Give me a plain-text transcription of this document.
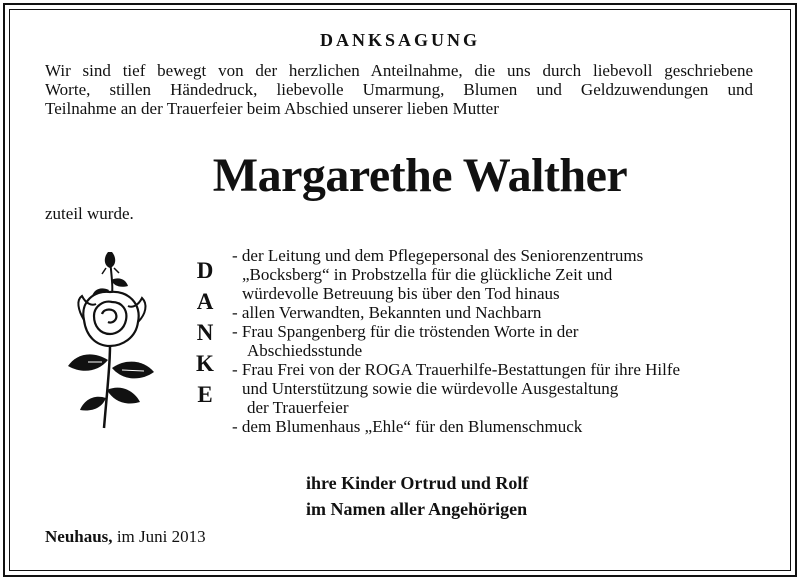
DANKSAGUNG
Wir sind tief bewegt von der herzlichen Anteilnahme, die uns durch liebevoll geschriebene
Worte, stillen Händedruck, liebevolle Umarmung, Blumen und Geldzuwendungen und
Teilnahme an der Trauerfeier beim Abschied unserer lieben Mutter
Margarethe Walther
zuteil wurde.
D
A
N
K
E
- der Leitung und dem Pflegepersonal des Seniorenzentrums
„Bocksberg“ in Probstzella für die glückliche Zeit und
würdevolle Betreuung bis über den Tod hinaus
- allen Verwandten, Bekannten und Nachbarn
- Frau Spangenberg für die tröstenden Worte in der
Abschiedsstunde
- Frau Frei von der ROGA Trauerhilfe-Bestattungen für ihre Hilfe
und Unterstützung sowie die würdevolle Ausgestaltung
der Trauerfeier
- dem Blumenhaus „Ehle“ für den Blumenschmuck
ihre Kinder Ortrud und Rolf
im Namen aller Angehörigen
Neuhaus, im Juni 2013
